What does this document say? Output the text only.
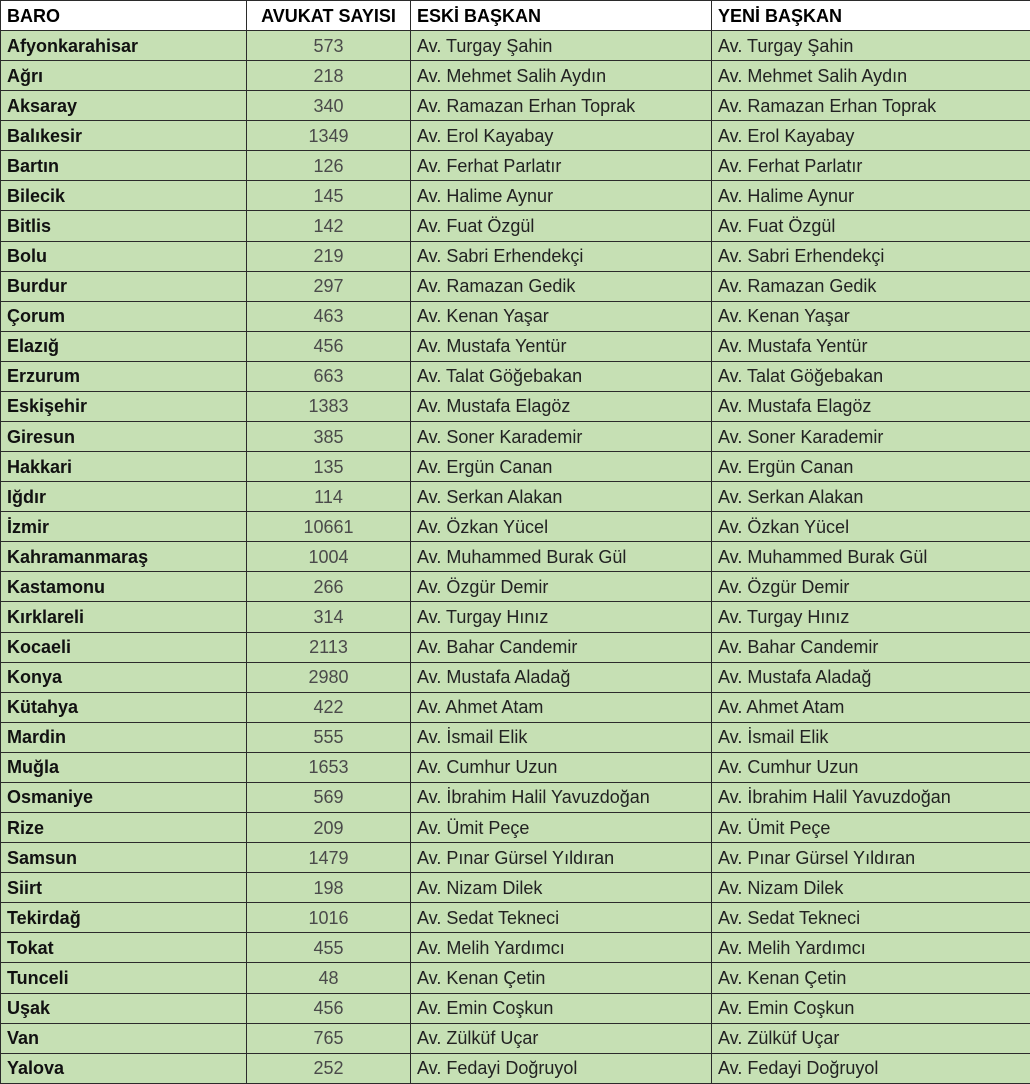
BARO	AVUKAT SAYISI	ESKİ BAŞKAN	YENİ BAŞKAN
Afyonkarahisar	573	Av. Turgay Şahin	Av. Turgay Şahin
Ağrı	218	Av. Mehmet Salih Aydın	Av. Mehmet Salih Aydın
Aksaray	340	Av. Ramazan Erhan Toprak	Av. Ramazan Erhan Toprak
Balıkesir	1349	Av. Erol Kayabay	Av. Erol Kayabay
Bartın	126	Av. Ferhat Parlatır	Av. Ferhat Parlatır
Bilecik	145	Av. Halime Aynur	Av. Halime Aynur
Bitlis	142	Av. Fuat Özgül	Av. Fuat Özgül
Bolu	219	Av. Sabri Erhendekçi	Av. Sabri Erhendekçi
Burdur	297	Av. Ramazan Gedik	Av. Ramazan Gedik
Çorum	463	Av. Kenan Yaşar	Av. Kenan Yaşar
Elazığ	456	Av. Mustafa Yentür	Av. Mustafa Yentür
Erzurum	663	Av. Talat Göğebakan	Av. Talat Göğebakan
Eskişehir	1383	Av. Mustafa Elagöz	Av. Mustafa Elagöz
Giresun	385	Av. Soner Karademir	Av. Soner Karademir
Hakkari	135	Av. Ergün Canan	Av. Ergün Canan
Iğdır	114	Av. Serkan Alakan	Av. Serkan Alakan
İzmir	10661	Av. Özkan Yücel	Av. Özkan Yücel
Kahramanmaraş	1004	Av. Muhammed Burak Gül	Av. Muhammed Burak Gül
Kastamonu	266	Av. Özgür Demir	Av. Özgür Demir
Kırklareli	314	Av. Turgay Hınız	Av. Turgay Hınız
Kocaeli	2113	Av. Bahar Candemir	Av. Bahar Candemir
Konya	2980	Av. Mustafa Aladağ	Av. Mustafa Aladağ
Kütahya	422	Av. Ahmet Atam	Av. Ahmet Atam
Mardin	555	Av. İsmail Elik	Av. İsmail Elik
Muğla	1653	Av. Cumhur Uzun	Av. Cumhur Uzun
Osmaniye	569	Av. İbrahim Halil Yavuzdoğan	Av. İbrahim Halil Yavuzdoğan
Rize	209	Av. Ümit Peçe	Av. Ümit Peçe
Samsun	1479	Av. Pınar Gürsel Yıldıran	Av. Pınar Gürsel Yıldıran
Siirt	198	Av. Nizam Dilek	Av. Nizam Dilek
Tekirdağ	1016	Av. Sedat Tekneci	Av. Sedat Tekneci
Tokat	455	Av. Melih Yardımcı	Av. Melih Yardımcı
Tunceli	48	Av. Kenan Çetin	Av. Kenan Çetin
Uşak	456	Av. Emin Coşkun	Av. Emin Coşkun
Van	765	Av. Zülküf Uçar	Av. Zülküf Uçar
Yalova	252	Av. Fedayi Doğruyol	Av. Fedayi Doğruyol
